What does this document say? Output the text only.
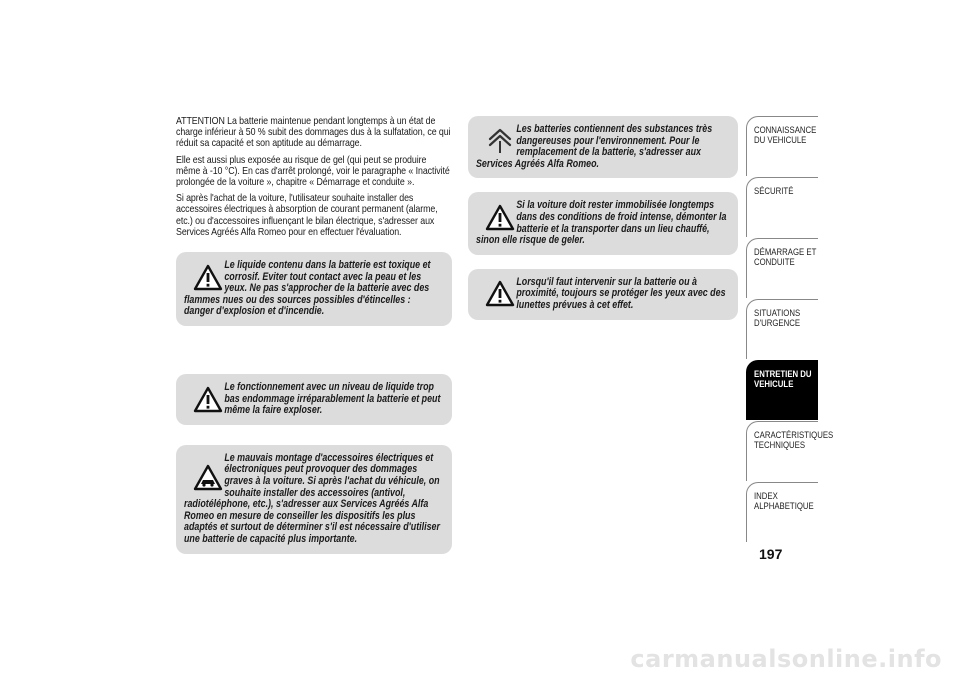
ATTENTION La batterie maintenue pendant longtemps à un état de charge inférieur à 50 % subit des dommages dus à la sulfatation, ce qui réduit sa capacité et son aptitude au démarrage.

Elle est aussi plus exposée au risque de gel (qui peut se produire même à -10 °C). En cas d'arrêt prolongé, voir le paragraphe « Inactivité prolongée de la voiture », chapitre « Démarrage et conduite ».

Si après l'achat de la voiture, l'utilisateur souhaite installer des accessoires électriques à absorption de courant permanent (alarme, etc.) ou d'accessoires influençant le bilan électrique, s'adresser aux Services Agréés Alfa Romeo pour en effectuer l'évaluation.

Le liquide contenu dans la batterie est toxique et corrosif. Eviter tout contact avec la peau et les yeux. Ne pas s'approcher de la batterie avec des flammes nues ou des sources possibles d'étincelles : danger d'explosion et d'incendie.
Le fonctionnement avec un niveau de liquide trop bas endommage irréparablement la batterie et peut même la faire exploser.
Le mauvais montage d'accessoires électriques et électroniques peut provoquer des dommages graves à la voiture. Si après l'achat du véhicule, on souhaite installer des accessoires (antivol, radiotéléphone, etc.), s'adresser aux Services Agréés Alfa Romeo en mesure de conseiller les dispositifs les plus adaptés et surtout de déterminer s'il est nécessaire d'utiliser une batterie de capacité plus importante.
Les batteries contiennent des substances très dangereuses pour l'environnement. Pour le remplacement de la batterie, s'adresser aux Services Agréés Alfa Romeo.
Si la voiture doit rester immobilisée longtemps dans des conditions de froid intense, démonter la batterie et la transporter dans un lieu chauffé, sinon elle risque de geler.
Lorsqu'il faut intervenir sur la batterie ou à proximité, toujours se protéger les yeux avec des lunettes prévues à cet effet.
CONNAISSANCE DU VEHICULE
SÉCURITÉ
DÉMARRAGE ET CONDUITE
SITUATIONS D'URGENCE
ENTRETIEN DU VEHICULE
CARACTÉRISTIQUES TECHNIQUES
INDEX ALPHABETIQUE
197
carmanualsonline.info
